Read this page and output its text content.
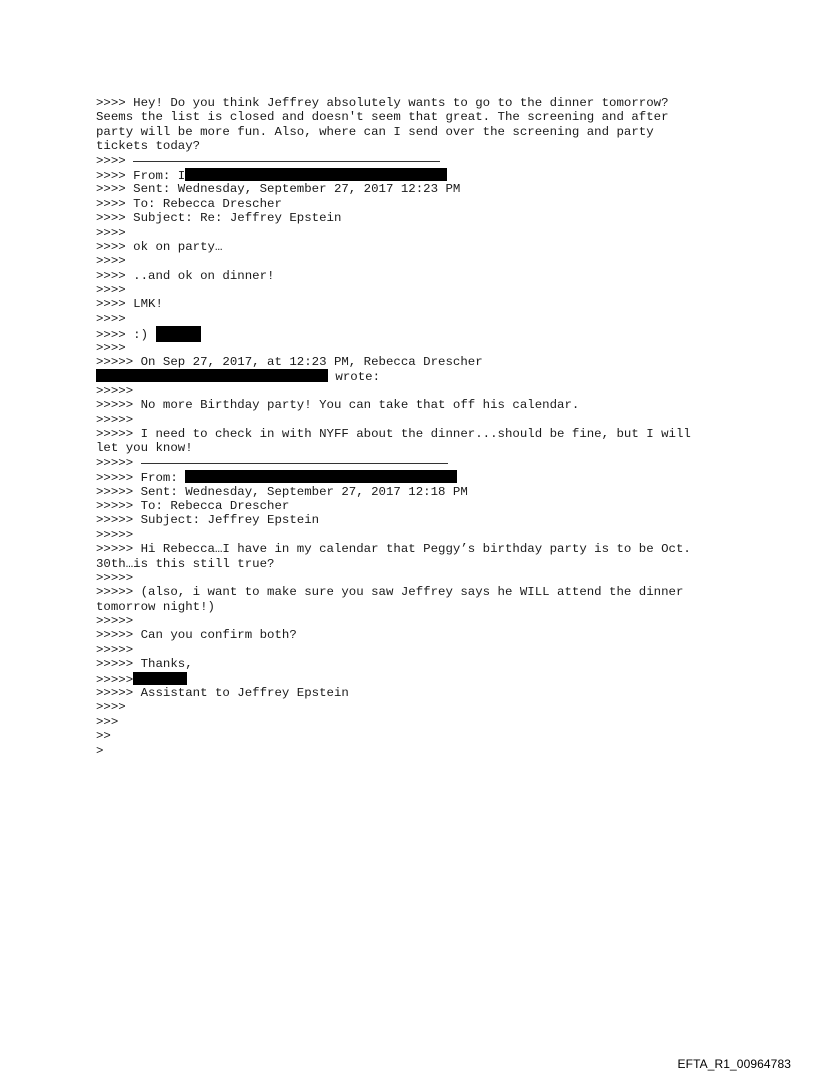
>>>> Hey! Do you think Jeffrey absolutely wants to go to the dinner tomorrow?
Seems the list is closed and doesn't seem that great. The screening and after
party will be more fun. Also, where can I send over the screening and party
tickets today?
>>>>
>>>> From: I
>>>> Sent: Wednesday, September 27, 2017 12:23 PM
>>>> To: Rebecca Drescher
>>>> Subject: Re: Jeffrey Epstein
>>>>
>>>> ok on party…
>>>>
>>>> ..and ok on dinner!
>>>>
>>>> LMK!
>>>>
>>>> :)
>>>>
>>>>> On Sep 27, 2017, at 12:23 PM, Rebecca Drescher
wrote:
>>>>>
>>>>> No more Birthday party! You can take that off his calendar.
>>>>>
>>>>> I need to check in with NYFF about the dinner...should be fine, but I will
let you know!
>>>>>
>>>>> From:
>>>>> Sent: Wednesday, September 27, 2017 12:18 PM
>>>>> To: Rebecca Drescher
>>>>> Subject: Jeffrey Epstein
>>>>>
>>>>> Hi Rebecca…I have in my calendar that Peggy’s birthday party is to be Oct.
30th…is this still true?
>>>>>
>>>>> (also, i want to make sure you saw Jeffrey says he WILL attend the dinner
tomorrow night!)
>>>>>
>>>>> Can you confirm both?
>>>>>
>>>>> Thanks,
>>>>>
>>>>> Assistant to Jeffrey Epstein
>>>>
>>>
>>
>
EFTA_R1_00964783
